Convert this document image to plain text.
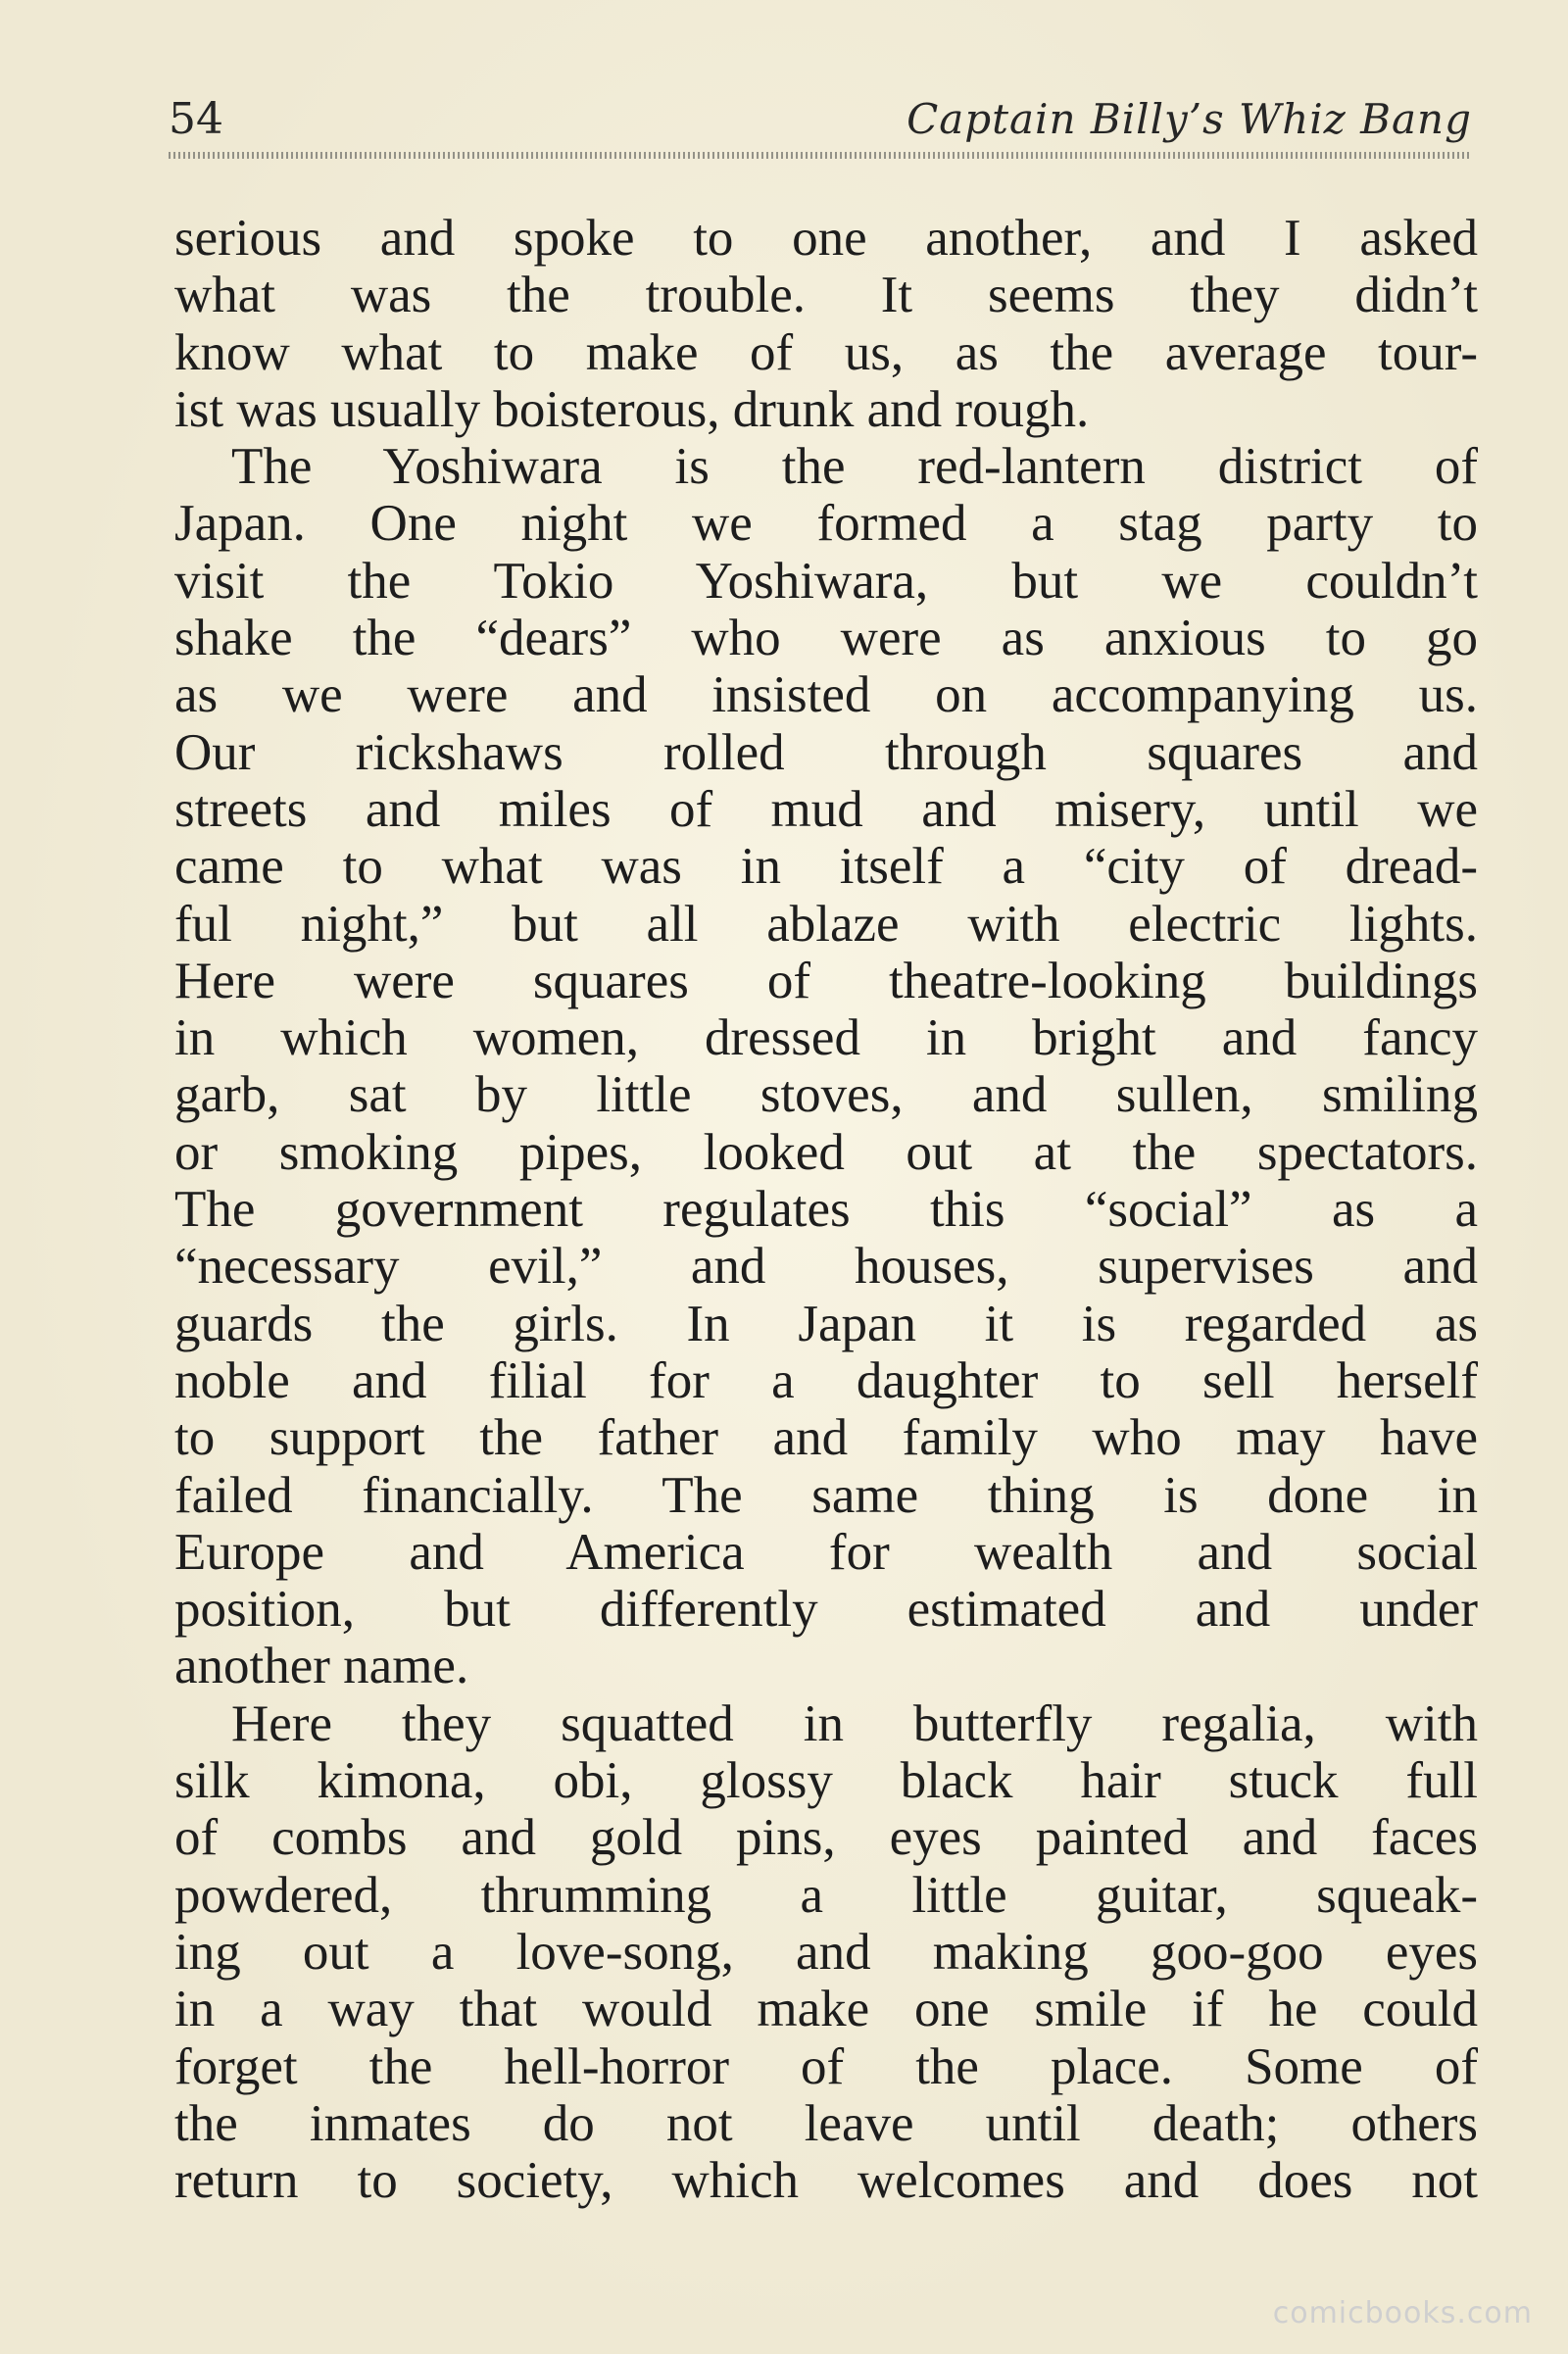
54	Captain Billy’s Whiz Bang
serious and spoke to one another, and I asked
what was the trouble. It seems they didn’t
know what to make of us, as the average tour-
ist was usually boisterous, drunk and rough.
The Yoshiwara is the red-lantern district of
Japan. One night we formed a stag party to
visit the Tokio Yoshiwara, but we couldn’t
shake the “dears” who were as anxious to go
as we were and insisted on accompanying us.
Our rickshaws rolled through squares and
streets and miles of mud and misery, until we
came to what was in itself a “city of dread-
ful night,” but all ablaze with electric lights.
Here were squares of theatre-looking buildings
in which women, dressed in bright and fancy
garb, sat by little stoves, and sullen, smiling
or smoking pipes, looked out at the spectators.
The government regulates this “social” as a
“necessary evil,” and houses, supervises and
guards the girls. In Japan it is regarded as
noble and filial for a daughter to sell herself
to support the father and family who may have
failed financially. The same thing is done in
Europe and America for wealth and social
position, but differently estimated and under
another name.
Here they squatted in butterfly regalia, with
silk kimona, obi, glossy black hair stuck full
of combs and gold pins, eyes painted and faces
powdered, thrumming a little guitar, squeak-
ing out a love-song, and making goo-goo eyes
in a way that would make one smile if he could
forget the hell-horror of the place. Some of
the inmates do not leave until death; others
return to society, which welcomes and does not
comicbooks.com
